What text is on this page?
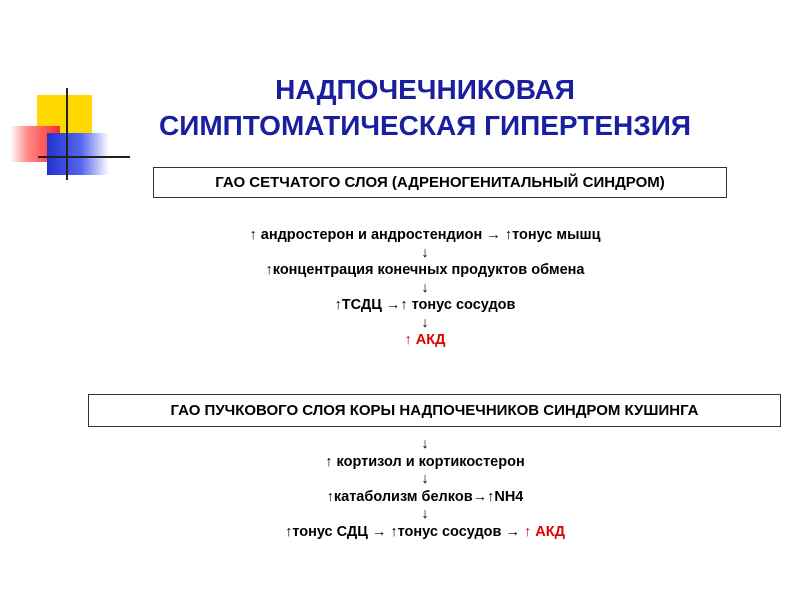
НАДПОЧЕЧНИКОВАЯ
СИМПТОМАТИЧЕСКАЯ ГИПЕРТЕНЗИЯ
ГАО СЕТЧАТОГО СЛОЯ (АДРЕНОГЕНИТАЛЬНЫЙ СИНДРОМ)
↑ андростерон и андростендион → ↑тонус мышц
↓
↑концентрация конечных продуктов обмена
↓
↑ТСДЦ →↑ тонус сосудов
↓
↑ АКД
ГАО ПУЧКОВОГО СЛОЯ КОРЫ НАДПОЧЕЧНИКОВ СИНДРОМ КУШИНГА
↓
↑ кортизол и кортикостерон
↓
↑катаболизм белков→↑NH4
↓
↑тонус СДЦ → ↑тонус сосудов → ↑ АКД
